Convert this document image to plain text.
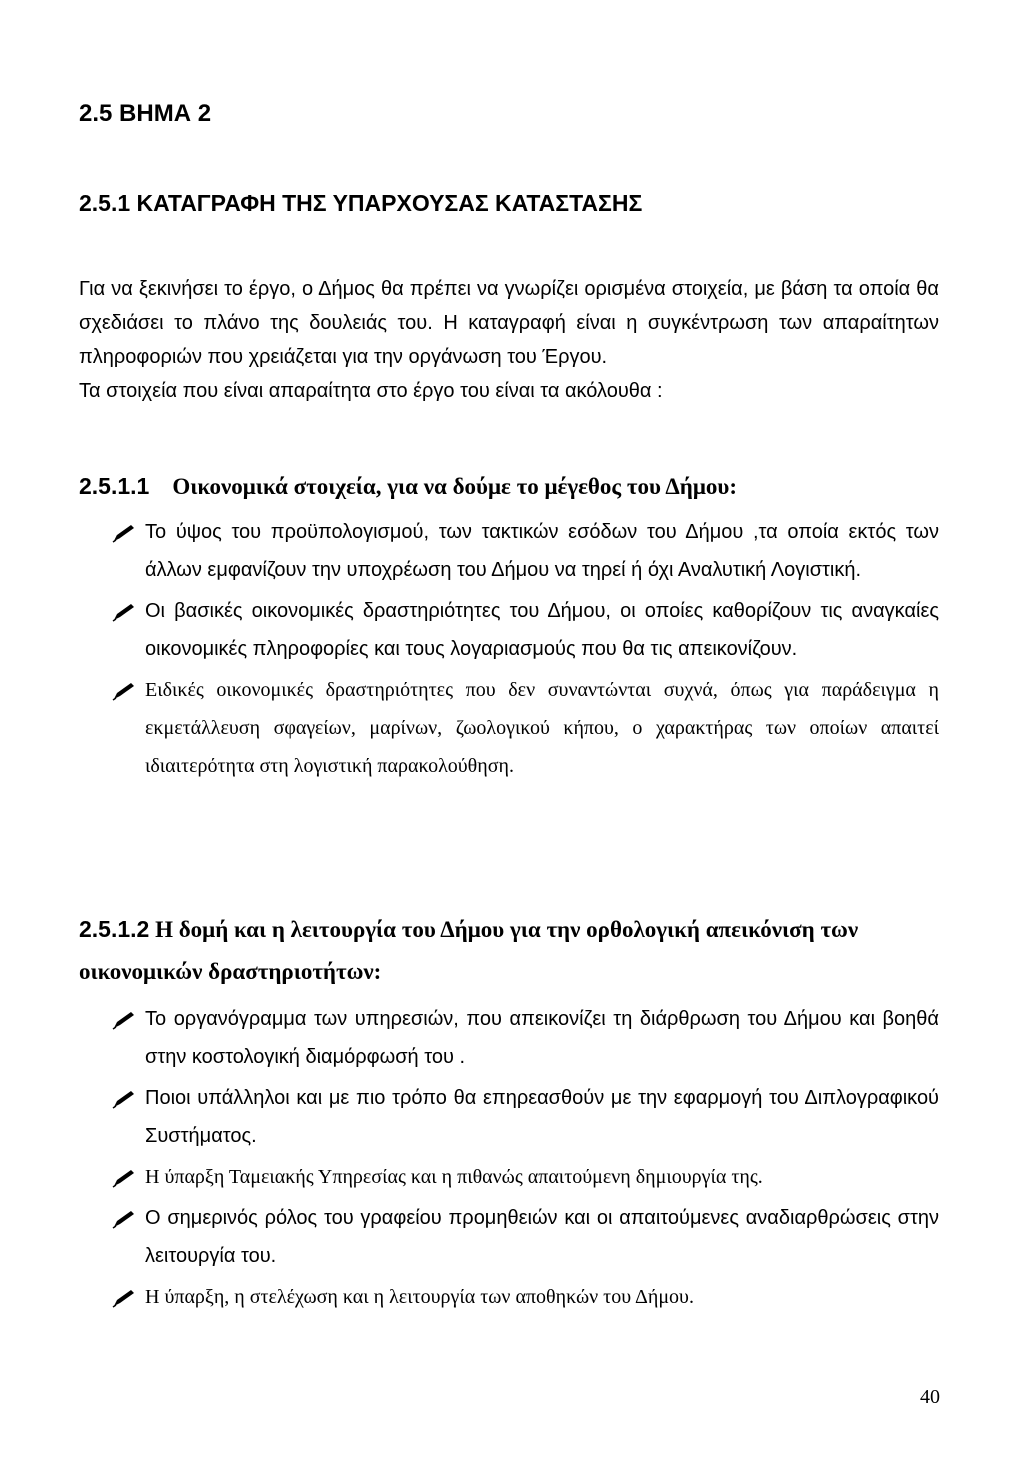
2.5 ΒΗΜΑ 2
2.5.1 ΚΑΤΑΓΡΑΦΗ ΤΗΣ ΥΠΑΡΧΟΥΣΑΣ ΚΑΤΑΣΤΑΣΗΣ

Για να ξεκινήσει το έργο, ο Δήμος θα πρέπει να γνωρίζει ορισμένα στοιχεία, με βάση τα οποία θα σχεδιάσει το πλάνο της δουλειάς του. Η καταγραφή είναι η συγκέντρωση των απαραίτητων πληροφοριών που χρειάζεται για την οργάνωση του Έργου.

Τα στοιχεία που είναι απαραίτητα στο έργο του είναι τα ακόλουθα :

2.5.1.1 Οικονομικά στοιχεία, για να δούμε το μέγεθος του Δήμου:
Το ύψος του προϋπολογισμού, των τακτικών εσόδων του Δήμου ,τα οποία εκτός των άλλων εμφανίζουν την υποχρέωση του Δήμου να τηρεί ή όχι Αναλυτική Λογιστική.
Οι βασικές οικονομικές δραστηριότητες του Δήμου, οι οποίες καθορίζουν τις αναγκαίες οικονομικές πληροφορίες και τους λογαριασμούς που θα τις απεικονίζουν.
Ειδικές οικονομικές δραστηριότητες που δεν συναντώνται συχνά, όπως για παράδειγμα η εκμετάλλευση σφαγείων, μαρίνων, ζωολογικού κήπου, ο χαρακτήρας των οποίων απαιτεί ιδιαιτερότητα στη λογιστική παρακολούθηση.
2.5.1.2 Η δομή και η λειτουργία του Δήμου για την ορθολογική απεικόνιση των οικονομικών δραστηριοτήτων:
Το οργανόγραμμα των υπηρεσιών, που απεικονίζει τη διάρθρωση του Δήμου και βοηθά στην κοστολογική διαμόρφωσή του .
Ποιοι υπάλληλοι και με πιο τρόπο θα επηρεασθούν με την εφαρμογή του Διπλογραφικού Συστήματος.
Η ύπαρξη Ταμειακής Υπηρεσίας και η πιθανώς απαιτούμενη δημιουργία της.
Ο σημερινός ρόλος του γραφείου προμηθειών και οι απαιτούμενες αναδιαρθρώσεις στην λειτουργία του.
Η ύπαρξη, η στελέχωση και η λειτουργία των αποθηκών του Δήμου.
40
